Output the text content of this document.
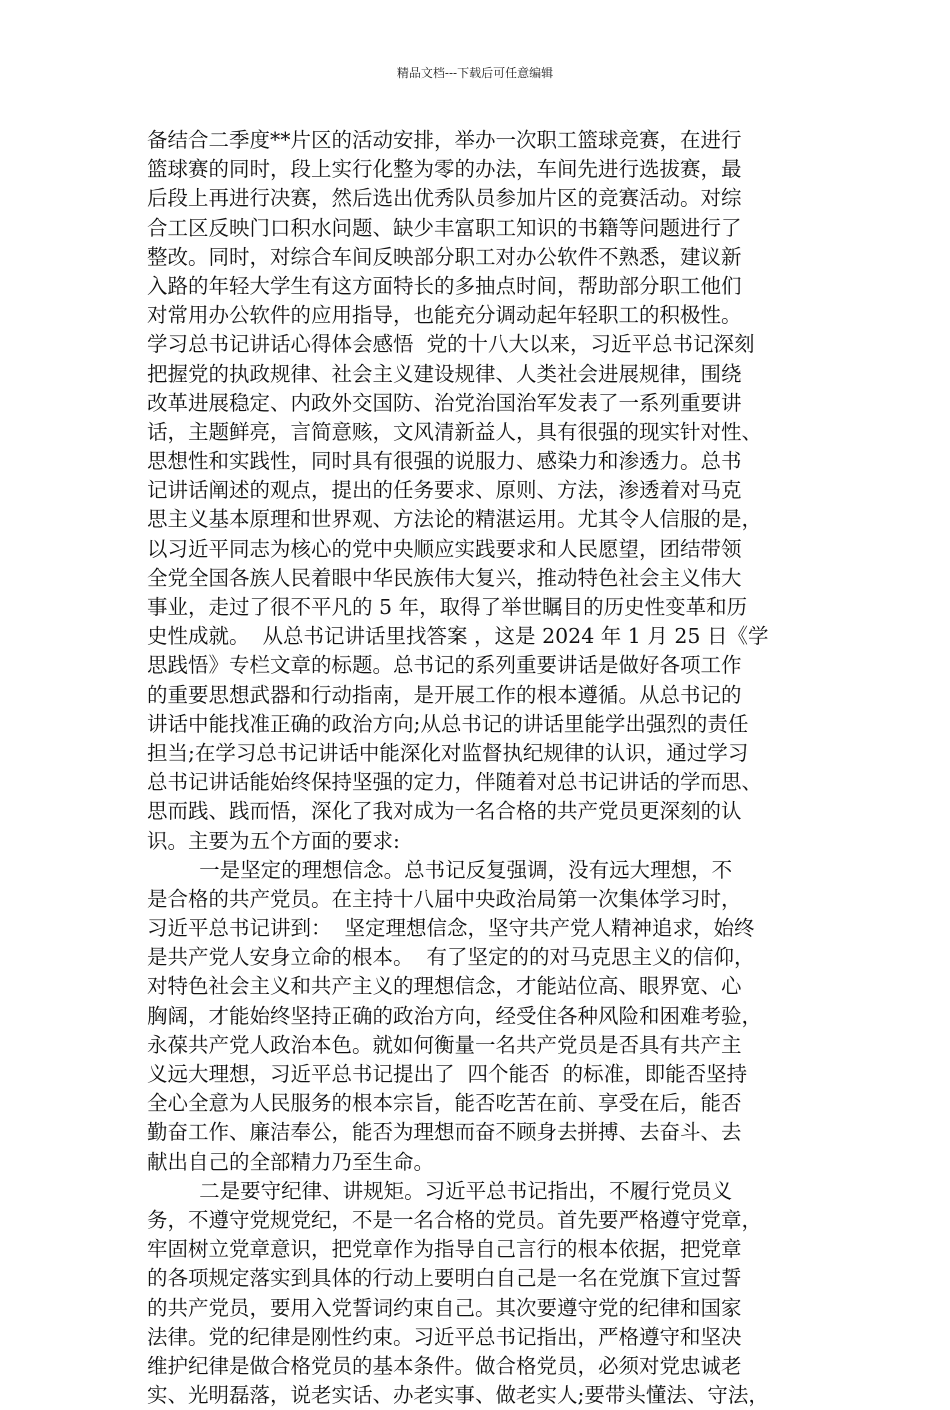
精品文档---下载后可任意编辑
备结合二季度**片区的活动安排，举办一次职工篮球竞赛，在进行
篮球赛的同时，段上实行化整为零的办法，车间先进行选拔赛，最
后段上再进行决赛，然后选出优秀队员参加片区的竞赛活动。对综
合工区反映门口积水问题、缺少丰富职工知识的书籍等问题进行了
整改。同时，对综合车间反映部分职工对办公软件不熟悉，建议新
入路的年轻大学生有这方面特长的多抽点时间，帮助部分职工他们
对常用办公软件的应用指导，也能充分调动起年轻职工的积极性。
学习总书记讲话心得体会感悟  党的十八大以来，习近平总书记深刻
把握党的执政规律、社会主义建设规律、人类社会进展规律，围绕
改革进展稳定、内政外交国防、治党治国治军发表了一系列重要讲
话，主题鲜亮，言简意赅，文风清新益人，具有很强的现实针对性、
思想性和实践性，同时具有很强的说服力、感染力和渗透力。总书
记讲话阐述的观点，提出的任务要求、原则、方法，渗透着对马克
思主义基本原理和世界观、方法论的精湛运用。尤其令人信服的是，
以习近平同志为核心的党中央顺应实践要求和人民愿望，团结带领
全党全国各族人民着眼中华民族伟大复兴，推动特色社会主义伟大
事业，走过了很不平凡的 5 年，取得了举世瞩目的历史性变革和历
史性成就。  从总书记讲话里找答案 ，这是 2024 年 1 月 25 日《学
思践悟》专栏文章的标题。总书记的系列重要讲话是做好各项工作
的重要思想武器和行动指南，是开展工作的根本遵循。从总书记的
讲话中能找准正确的政治方向;从总书记的讲话里能学出强烈的责任
担当;在学习总书记讲话中能深化对监督执纪规律的认识，通过学习
总书记讲话能始终保持坚强的定力，伴随着对总书记讲话的学而思、
思而践、践而悟，深化了我对成为一名合格的共产党员更深刻的认
识。主要为五个方面的要求:
一是坚定的理想信念。总书记反复强调，没有远大理想，不
是合格的共产党员。在主持十八届中央政治局第一次集体学习时，
习近平总书记讲到：  坚定理想信念，坚守共产党人精神追求，始终
是共产党人安身立命的根本。  有了坚定的的对马克思主义的信仰，
对特色社会主义和共产主义的理想信念，才能站位高、眼界宽、心
胸阔，才能始终坚持正确的政治方向，经受住各种风险和困难考验，
永葆共产党人政治本色。就如何衡量一名共产党员是否具有共产主
义远大理想，习近平总书记提出了  四个能否  的标准，即能否坚持
全心全意为人民服务的根本宗旨，能否吃苦在前、享受在后，能否
勤奋工作、廉洁奉公，能否为理想而奋不顾身去拼搏、去奋斗、去
献出自己的全部精力乃至生命。
二是要守纪律、讲规矩。习近平总书记指出，不履行党员义
务，不遵守党规党纪，不是一名合格的党员。首先要严格遵守党章，
牢固树立党章意识，把党章作为指导自己言行的根本依据，把党章
的各项规定落实到具体的行动上要明白自己是一名在党旗下宣过誓
的共产党员，要用入党誓词约束自己。其次要遵守党的纪律和国家
法律。党的纪律是刚性约束。习近平总书记指出，严格遵守和坚决
维护纪律是做合格党员的基本条件。做合格党员，必须对党忠诚老
实、光明磊落，说老实话、办老实事、做老实人;要带头懂法、守法，
